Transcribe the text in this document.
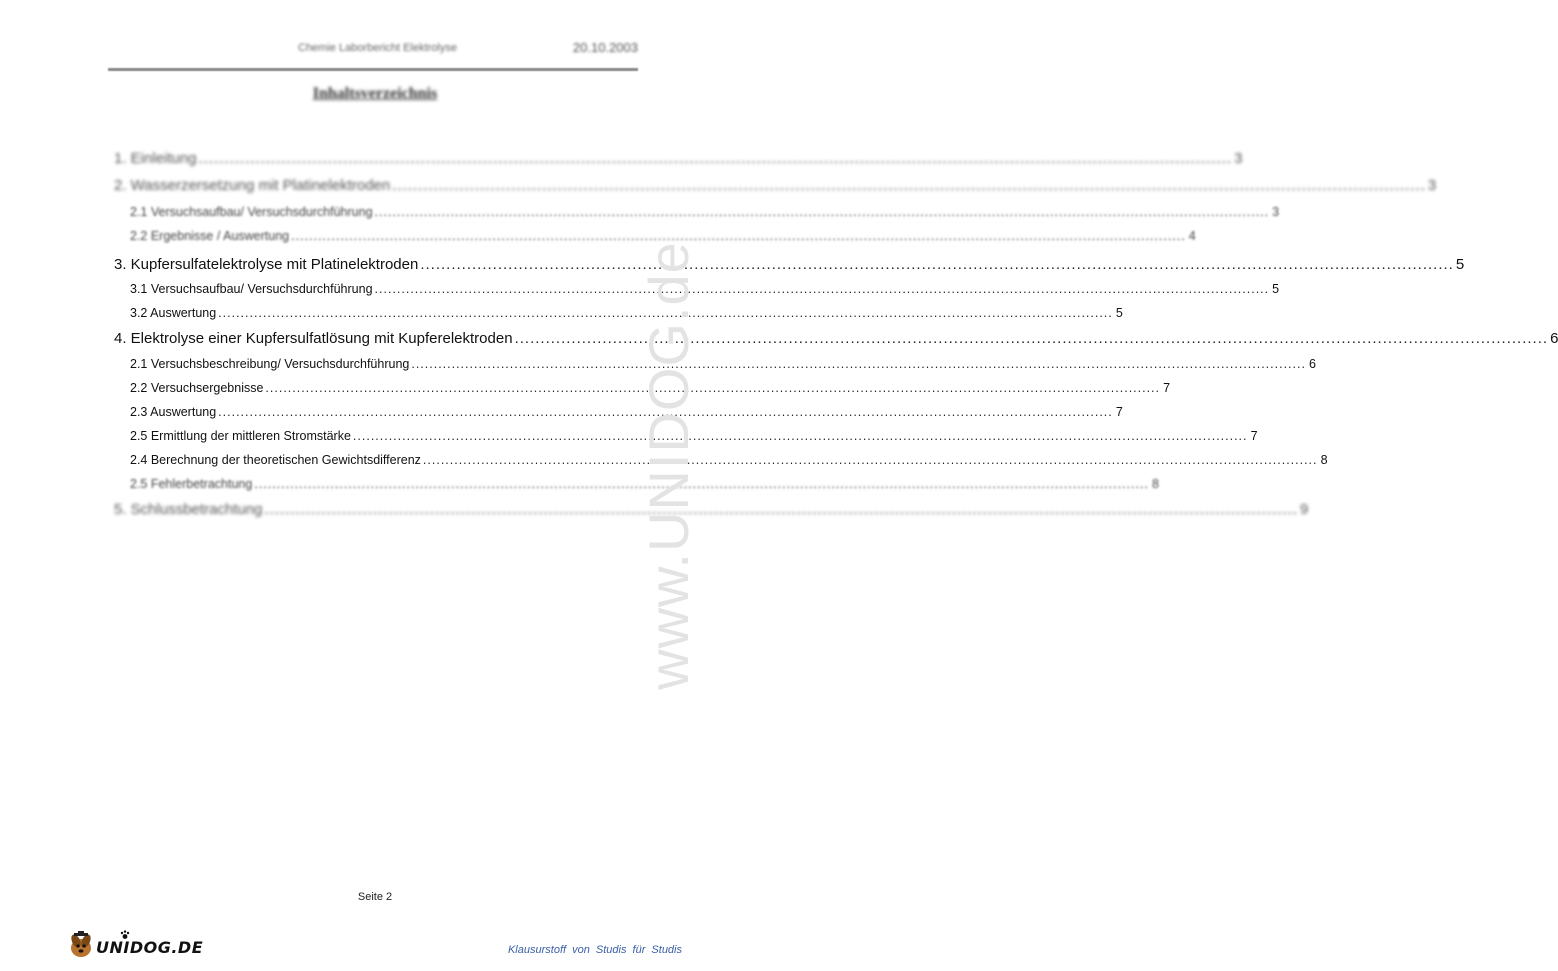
Chemie Laborbericht Elektrolyse	20.10.2003
Inhaltsverzeichnis
1. Einleitung ........................................................................................................................................................................................................ 3
2. Wasserzersetzung mit Platinelektroden ........................................................................................................................................................................................................ 3
2.1 Versuchsaufbau/ Versuchsdurchführung ........................................................................................................................................................................................................ 3
2.2 Ergebnisse / Auswertung ........................................................................................................................................................................................................ 4
3. Kupfersulfatelektrolyse mit Platinelektroden ........................................................................................................................................................................................................ 5
3.1 Versuchsaufbau/ Versuchsdurchführung ........................................................................................................................................................................................................ 5
3.2 Auswertung ........................................................................................................................................................................................................ 5
4. Elektrolyse einer Kupfersulfatlösung mit Kupferelektroden ........................................................................................................................................................................................................ 6
2.1 Versuchsbeschreibung/ Versuchsdurchführung ........................................................................................................................................................................................................ 6
2.2 Versuchsergebnisse ........................................................................................................................................................................................................ 7
2.3 Auswertung ........................................................................................................................................................................................................ 7
2.5 Ermittlung der mittleren Stromstärke ........................................................................................................................................................................................................ 7
2.4 Berechnung der theoretischen Gewichtsdifferenz ........................................................................................................................................................................................................ 8
2.5 Fehlerbetrachtung ........................................................................................................................................................................................................ 8
5. Schlussbetrachtung ........................................................................................................................................................................................................ 9
www.UNIDOG.de
Seite 2
UNIDOG.DE	Klausurstoff von Studis für Studis
